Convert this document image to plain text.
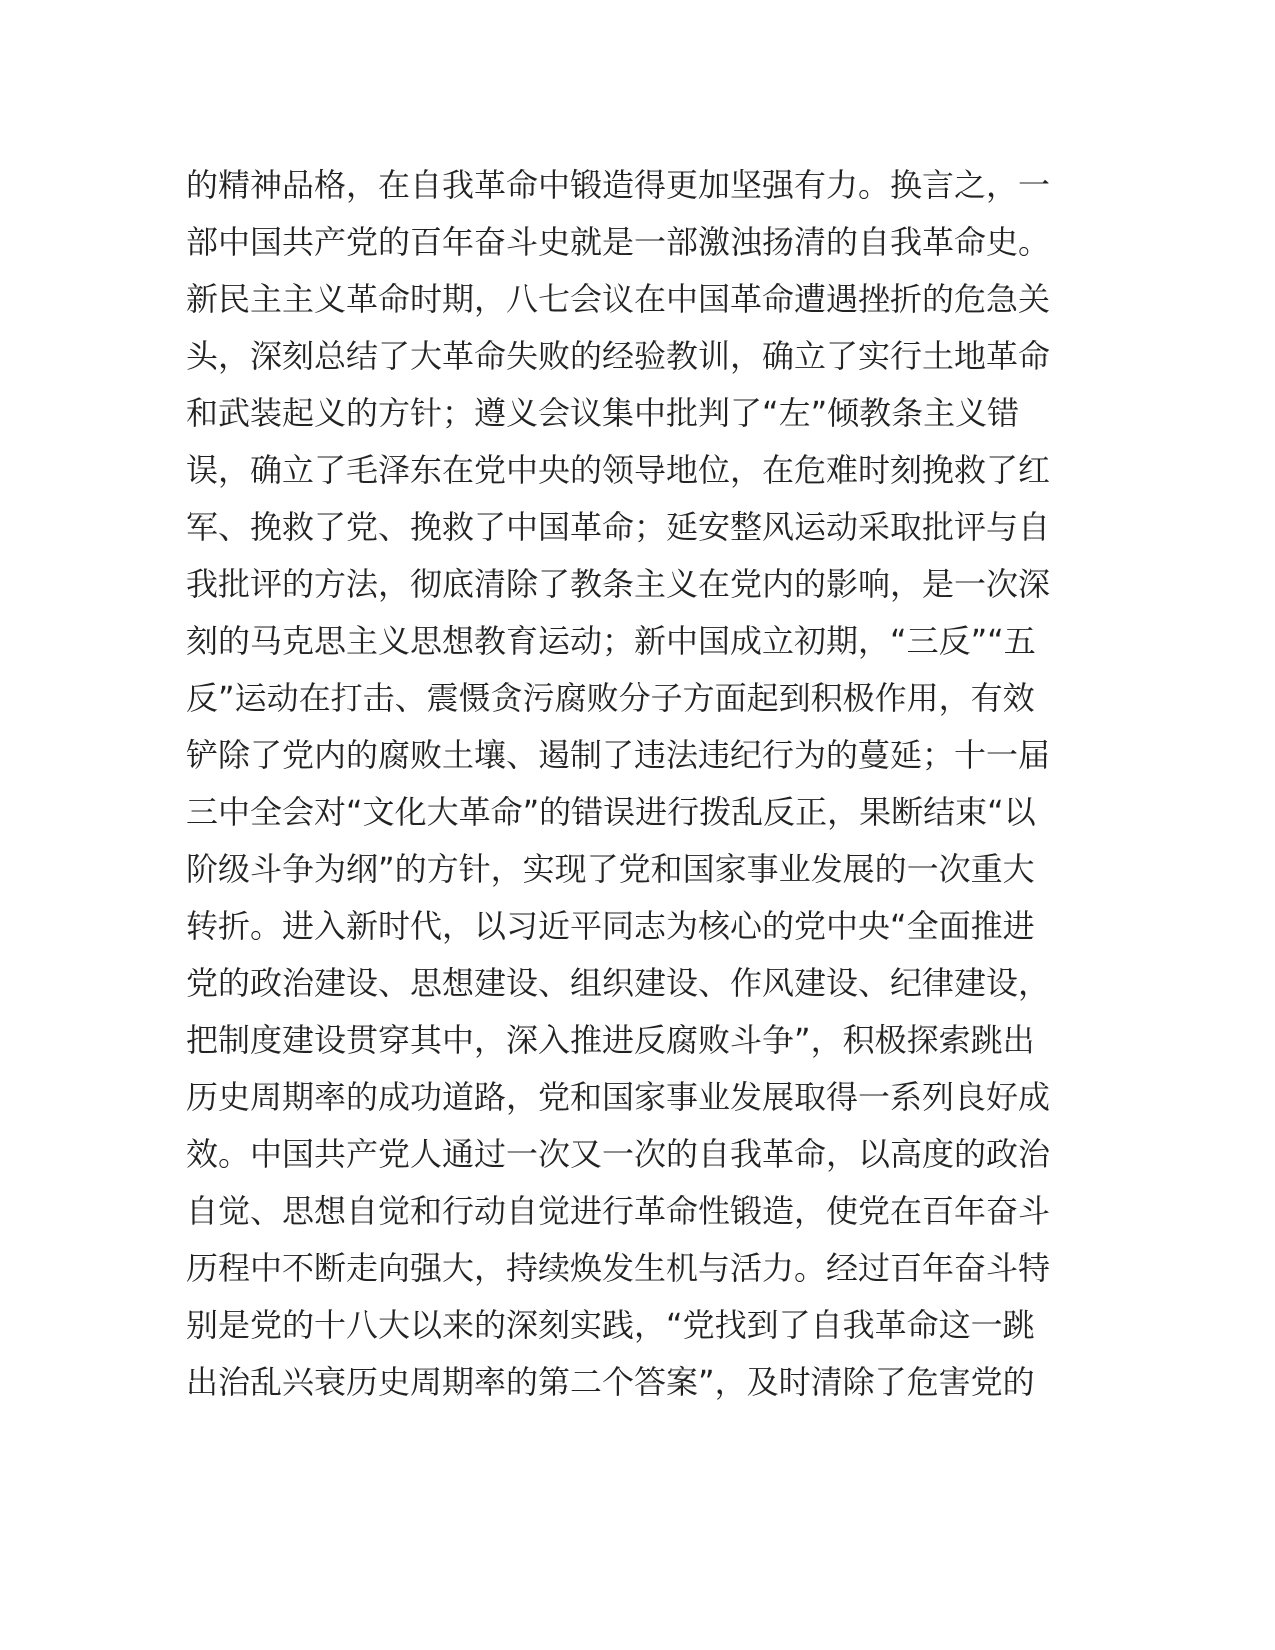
的精神品格，在自我革命中锻造得更加坚强有力。换言之，一
部中国共产党的百年奋斗史就是一部激浊扬清的自我革命史。
新民主主义革命时期，八七会议在中国革命遭遇挫折的危急关
头，深刻总结了大革命失败的经验教训，确立了实行土地革命
和武装起义的方针；遵义会议集中批判了“左”倾教条主义错
误，确立了毛泽东在党中央的领导地位，在危难时刻挽救了红
军、挽救了党、挽救了中国革命；延安整风运动采取批评与自
我批评的方法，彻底清除了教条主义在党内的影响，是一次深
刻的马克思主义思想教育运动；新中国成立初期，“三反”“五
反”运动在打击、震慑贪污腐败分子方面起到积极作用，有效
铲除了党内的腐败土壤、遏制了违法违纪行为的蔓延；十一届
三中全会对“文化大革命”的错误进行拨乱反正，果断结束“以
阶级斗争为纲”的方针，实现了党和国家事业发展的一次重大
转折。进入新时代，以习近平同志为核心的党中央“全面推进
党的政治建设、思想建设、组织建设、作风建设、纪律建设，
把制度建设贯穿其中，深入推进反腐败斗争”，积极探索跳出
历史周期率的成功道路，党和国家事业发展取得一系列良好成
效。中国共产党人通过一次又一次的自我革命，以高度的政治
自觉、思想自觉和行动自觉进行革命性锻造，使党在百年奋斗
历程中不断走向强大，持续焕发生机与活力。经过百年奋斗特
别是党的十八大以来的深刻实践，“党找到了自我革命这一跳
出治乱兴衰历史周期率的第二个答案”，及时清除了危害党的
